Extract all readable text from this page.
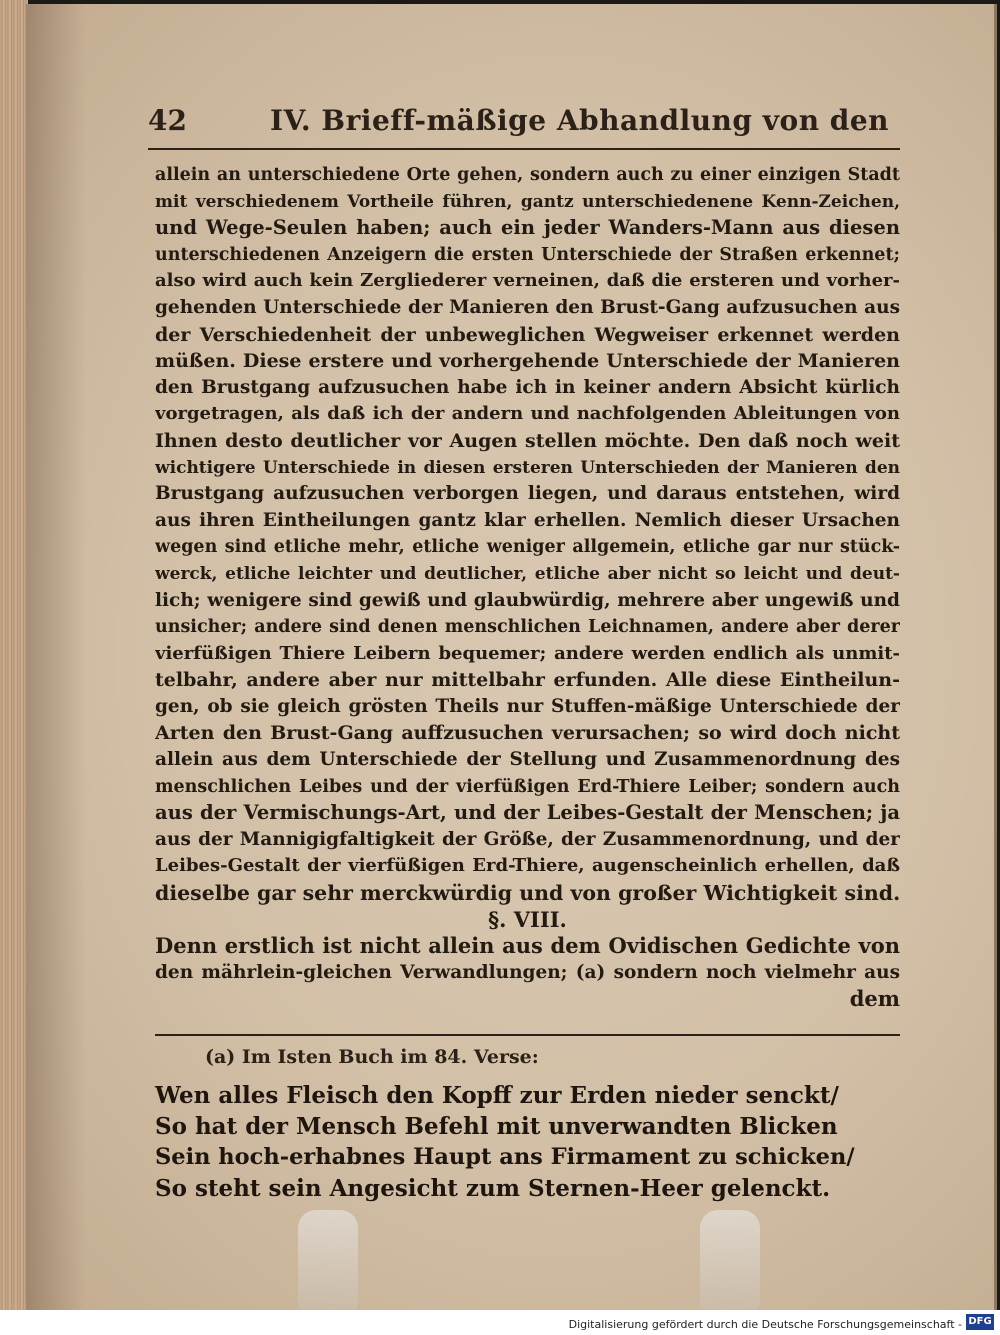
42	IV. Brieff-mäßige Abhandlung von den
allein an unterschiedene Orte gehen, sondern auch zu einer einzigen Stadt
mit verschiedenem Vortheile führen, gantz unterschiedenene Kenn-Zeichen,
und Wege-Seulen haben; auch ein jeder Wanders-Mann aus diesen
unterschiedenen Anzeigern die ersten Unterschiede der Straßen erkennet;
also wird auch kein Zergliederer verneinen, daß die ersteren und vorher-
gehenden Unterschiede der Manieren den Brust-Gang aufzusuchen aus
der Verschiedenheit der unbeweglichen Wegweiser erkennet werden
müßen. Diese erstere und vorhergehende Unterschiede der Manieren
den Brustgang aufzusuchen habe ich in keiner andern Absicht kürlich
vorgetragen, als daß ich der andern und nachfolgenden Ableitungen von
Ihnen desto deutlicher vor Augen stellen möchte. Den daß noch weit
wichtigere Unterschiede in diesen ersteren Unterschieden der Manieren den
Brustgang aufzusuchen verborgen liegen, und daraus entstehen, wird
aus ihren Eintheilungen gantz klar erhellen. Nemlich dieser Ursachen
wegen sind etliche mehr, etliche weniger allgemein, etliche gar nur stück-
werck, etliche leichter und deutlicher, etliche aber nicht so leicht und deut-
lich; wenigere sind gewiß und glaubwürdig, mehrere aber ungewiß und
unsicher; andere sind denen menschlichen Leichnamen, andere aber derer
vierfüßigen Thiere Leibern bequemer; andere werden endlich als unmit-
telbahr, andere aber nur mittelbahr erfunden. Alle diese Eintheilun-
gen, ob sie gleich grösten Theils nur Stuffen-mäßige Unterschiede der
Arten den Brust-Gang auffzusuchen verursachen; so wird doch nicht
allein aus dem Unterschiede der Stellung und Zusammenordnung des
menschlichen Leibes und der vierfüßigen Erd-Thiere Leiber; sondern auch
aus der Vermischungs-Art, und der Leibes-Gestalt der Menschen; ja
aus der Mannigigfaltigkeit der Größe, der Zusammenordnung, und der
Leibes-Gestalt der vierfüßigen Erd-Thiere, augenscheinlich erhellen, daß
dieselbe gar sehr merckwürdig und von großer Wichtigkeit sind.
§. VIII.
Denn erstlich ist nicht allein aus dem Ovidischen Gedichte von
den mährlein-gleichen Verwandlungen; (a) sondern noch vielmehr aus
dem
(a) Im Isten Buch im 84. Verse:
Wen alles Fleisch den Kopff zur Erden nieder senckt/
So hat der Mensch Befehl mit unverwandten Blicken
Sein hoch-erhabnes Haupt ans Firmament zu schicken/
So steht sein Angesicht zum Sternen-Heer gelenckt.
Digitalisierung gefördert durch die Deutsche Forschungsgemeinschaft - DFG
